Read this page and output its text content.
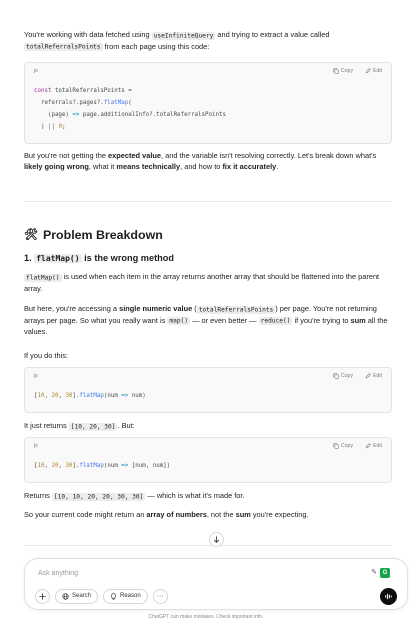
You're working with data fetched using useInfiniteQuery and trying to extract a value called totalReferralsPoints from each page using this code:

js	Copy	Edit
const totalReferralsPoints =
referrals?.pages?.flatMap(
(page) => page.additionalInfo?.totalReferralsPoints
) || 0;

But you're not getting the expected value, and the variable isn't resolving correctly. Let's break down what's likely going wrong, what it means technically, and how to fix it accurately.

🛠 Problem Breakdown
1. flatMap() is the wrong method

flatMap() is used when each item in the array returns another array that should be flattened into the parent array.

But here, you're accessing a single numeric value ( totalReferralsPoints ) per page. You're not returning arrays per page. So what you really want is map() — or even better — reduce() if you're trying to sum all the values.

If you do this:

js	Copy	Edit
[10, 20, 30].flatMap(num => num)

It just returns [10, 20, 30] . But:

js	Copy	Edit
[10, 20, 30].flatMap(num => [num, num])

Returns [10, 10, 20, 20, 30, 30] — which is what it's made for.

So your current code might return an array of numbers, not the sum you're expecting.

Ask anything	✎ G
Search	Reason ···
ChatGPT can make mistakes. Check important info.
